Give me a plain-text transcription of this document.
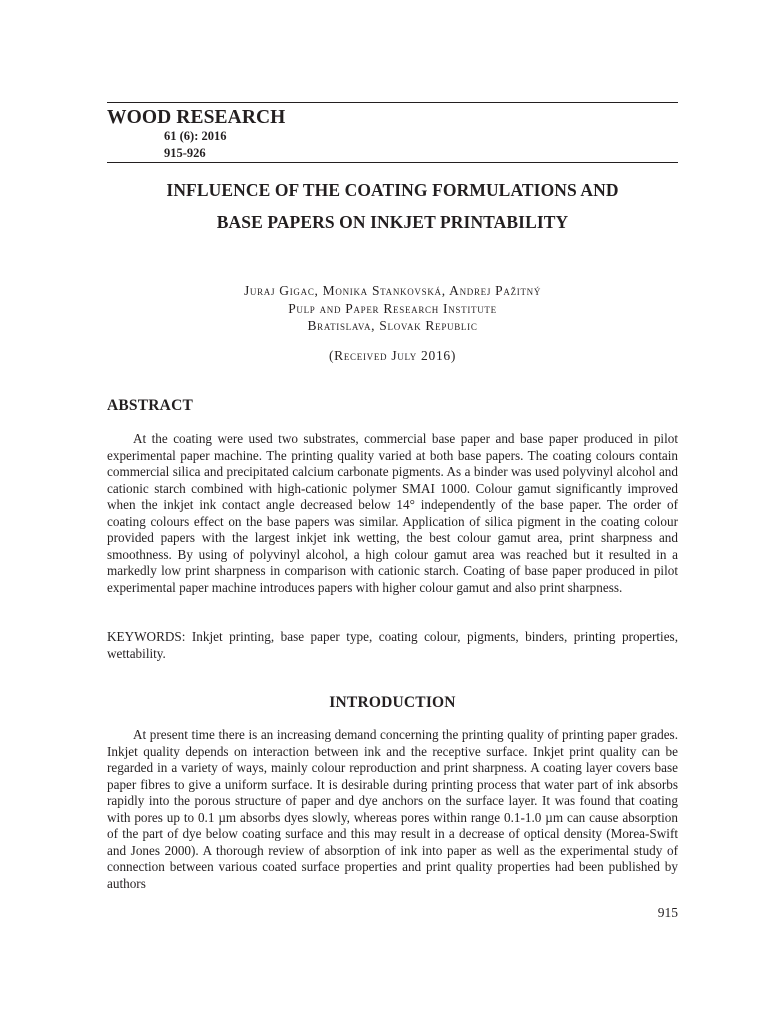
WOOD RESEARCH
61 (6): 2016
915-926
INFLUENCE OF THE COATING FORMULATIONS AND
BASE PAPERS ON INKJET PRINTABILITY
Juraj Gigac, Monika Stankovská, Andrej Pažitný
Pulp and Paper Research Institute
Bratislava, Slovak Republic
(Received July 2016)
ABSTRACT

At the coating were used two substrates, commercial base paper and base paper produced in pilot experimental paper machine. The printing quality varied at both base papers. The coating colours contain commercial silica and precipitated calcium carbonate pigments. As a binder was used polyvinyl alcohol and cationic starch combined with high-cationic polymer SMAI 1000. Colour gamut significantly improved when the inkjet ink contact angle decreased below 14° independently of the base paper. The order of coating colours effect on the base papers was similar. Application of silica pigment in the coating colour provided papers with the largest inkjet ink wetting, the best colour gamut area, print sharpness and smoothness. By using of polyvinyl alcohol, a high colour gamut area was reached but it resulted in a markedly low print sharpness in comparison with cationic starch. Coating of base paper produced in pilot experimental paper machine introduces papers with higher colour gamut and also print sharpness.

KEYWORDS: Inkjet printing, base paper type, coating colour, pigments, binders, printing properties, wettability.

INTRODUCTION

At present time there is an increasing demand concerning the printing quality of printing paper grades. Inkjet quality depends on interaction between ink and the receptive surface. Inkjet print quality can be regarded in a variety of ways, mainly colour reproduction and print sharpness. A coating layer covers base paper fibres to give a uniform surface. It is desirable during printing process that water part of ink absorbs rapidly into the porous structure of paper and dye anchors on the surface layer. It was found that coating with pores up to 0.1 µm absorbs dyes slowly, whereas pores within range 0.1-1.0 µm can cause absorption of the part of dye below coating surface and this may result in a decrease of optical density (Morea-Swift and Jones 2000). A thorough review of absorption of ink into paper as well as the experimental study of connection between various coated surface properties and print quality properties had been published by authors

915
